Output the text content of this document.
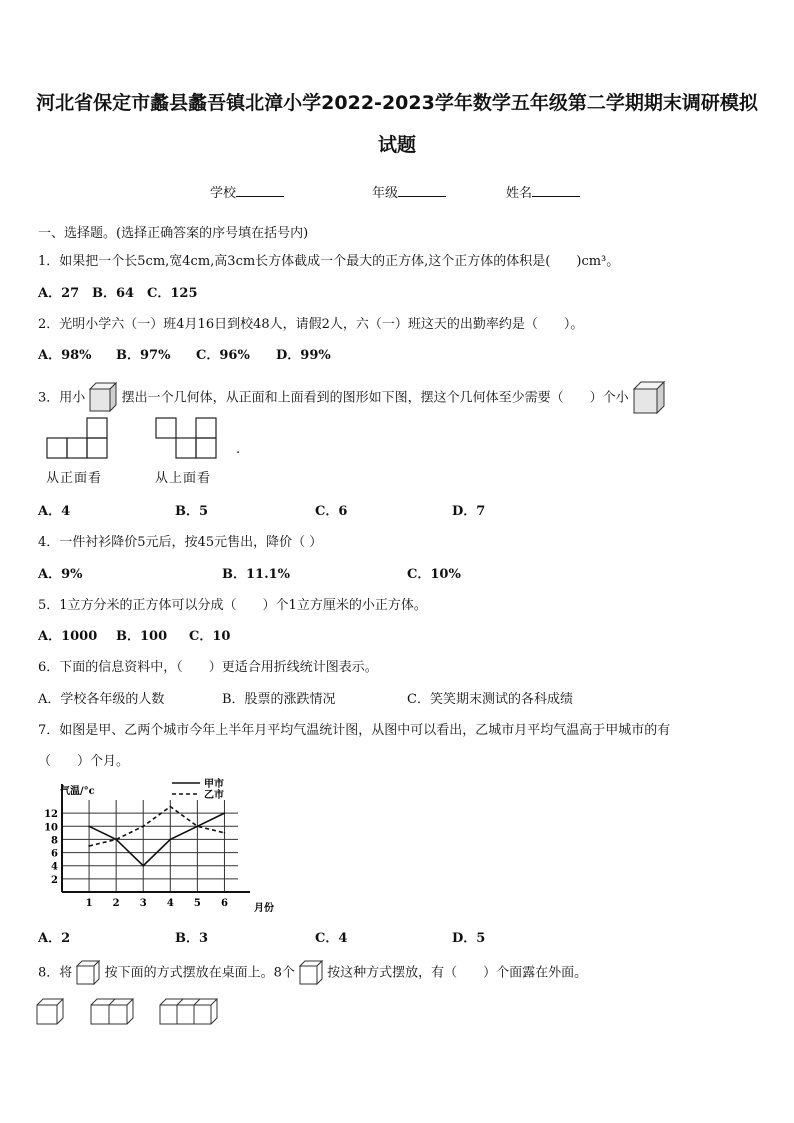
河北省保定市蠡县蠡吾镇北漳小学2022-2023学年数学五年级第二学期期末调研模拟
试题
学校	年级	姓名
一、选择题。(选择正确答案的序号填在括号内)
1．如果把一个长5cm,宽4cm,高3cm长方体截成一个最大的正方体,这个正方体的体积是(　　)cm³。
A．27 B．64 C．125
2．光明小学六（一）班4月16日到校48人，请假2人，六（一）班这天的出勤率约是（　　）。
A．98% B．97% C．96% D．99%
3．用小	摆出一个几何体，从正面和上面看到的图形如下图，摆这个几何体至少需要（　　）个小
从正面看
.
从上面看
A．4	B．5	C．6	D．7
4．一件衬衫降价5元后，按45元售出，降价（ ）
A．9%	B．11.1%	C．10%
5．1立方分米的正方体可以分成（　　）个1立方厘米的小正方体。
A．1000 B．100 C．10
6．下面的信息资料中，（　　）更适合用折线统计图表示。
A．学校各年级的人数	B．股票的涨跌情况	C．笑笑期末测试的各科成绩
7．如图是甲、乙两个城市今年上半年月平均气温统计图，从图中可以看出，乙城市月平均气温高于甲城市的有
（　　）个月。
气温/°c
甲市
乙市
月份
2
4
6
8
10
12
1 2 3 4 5 6
A．2	B．3	C．4	D．5
8．将 按下面的方式摆放在桌面上。8个 按这种方式摆放，有（　　）个面露在外面。
